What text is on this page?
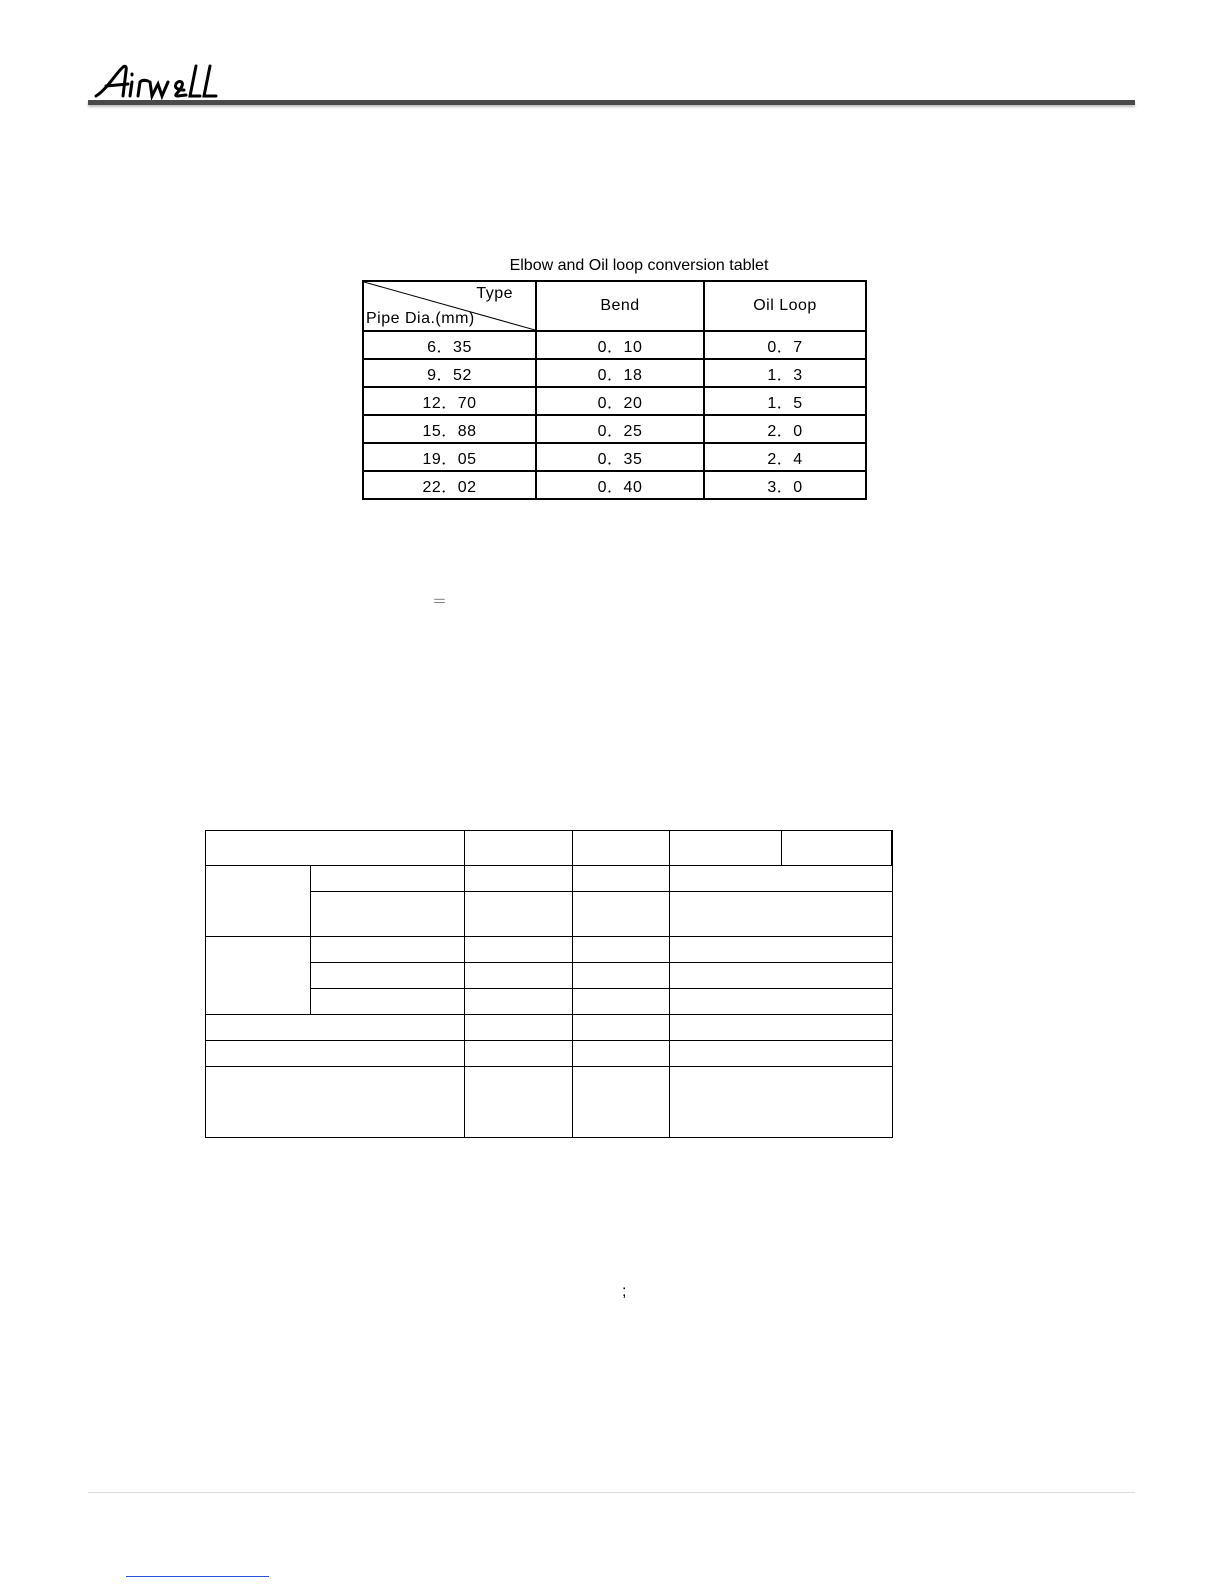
Elbow and Oil loop conversion tablet
Type
Pipe Dia.(mm)	Bend	Oil Loop
6．35	0．10	0．7
9．52	0．18	1．3
12．70	0．20	1．5
15．88	0．25	2．0
19．05	0．35	2．4
22．02	0．40	3．0
＝

;
